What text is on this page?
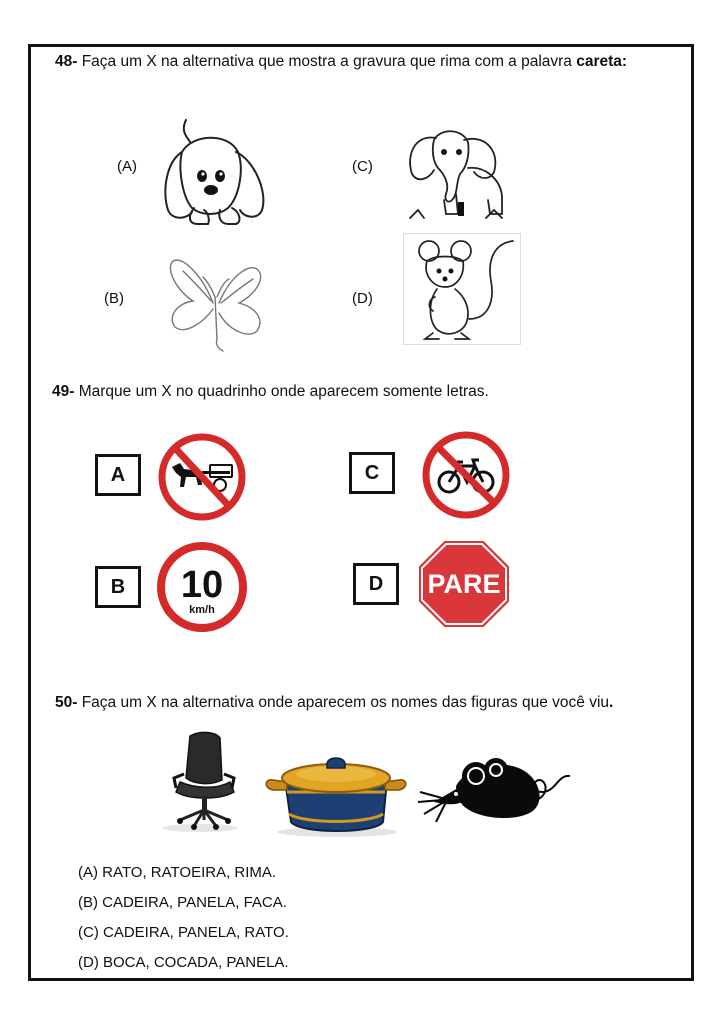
48- Faça um X na alternativa que mostra a gravura que rima com a palavra careta:
(A)
(B)
(C)
(D)
49- Marque um X no quadrinho onde aparecem somente letras.
A
B
C
D
10
km/h
PARE
50- Faça um X na alternativa onde aparecem os nomes das figuras que você viu.
(A) RATO, RATOEIRA, RIMA.
(B) CADEIRA, PANELA, FACA.
(C) CADEIRA, PANELA, RATO.
(D) BOCA, COCADA, PANELA.
